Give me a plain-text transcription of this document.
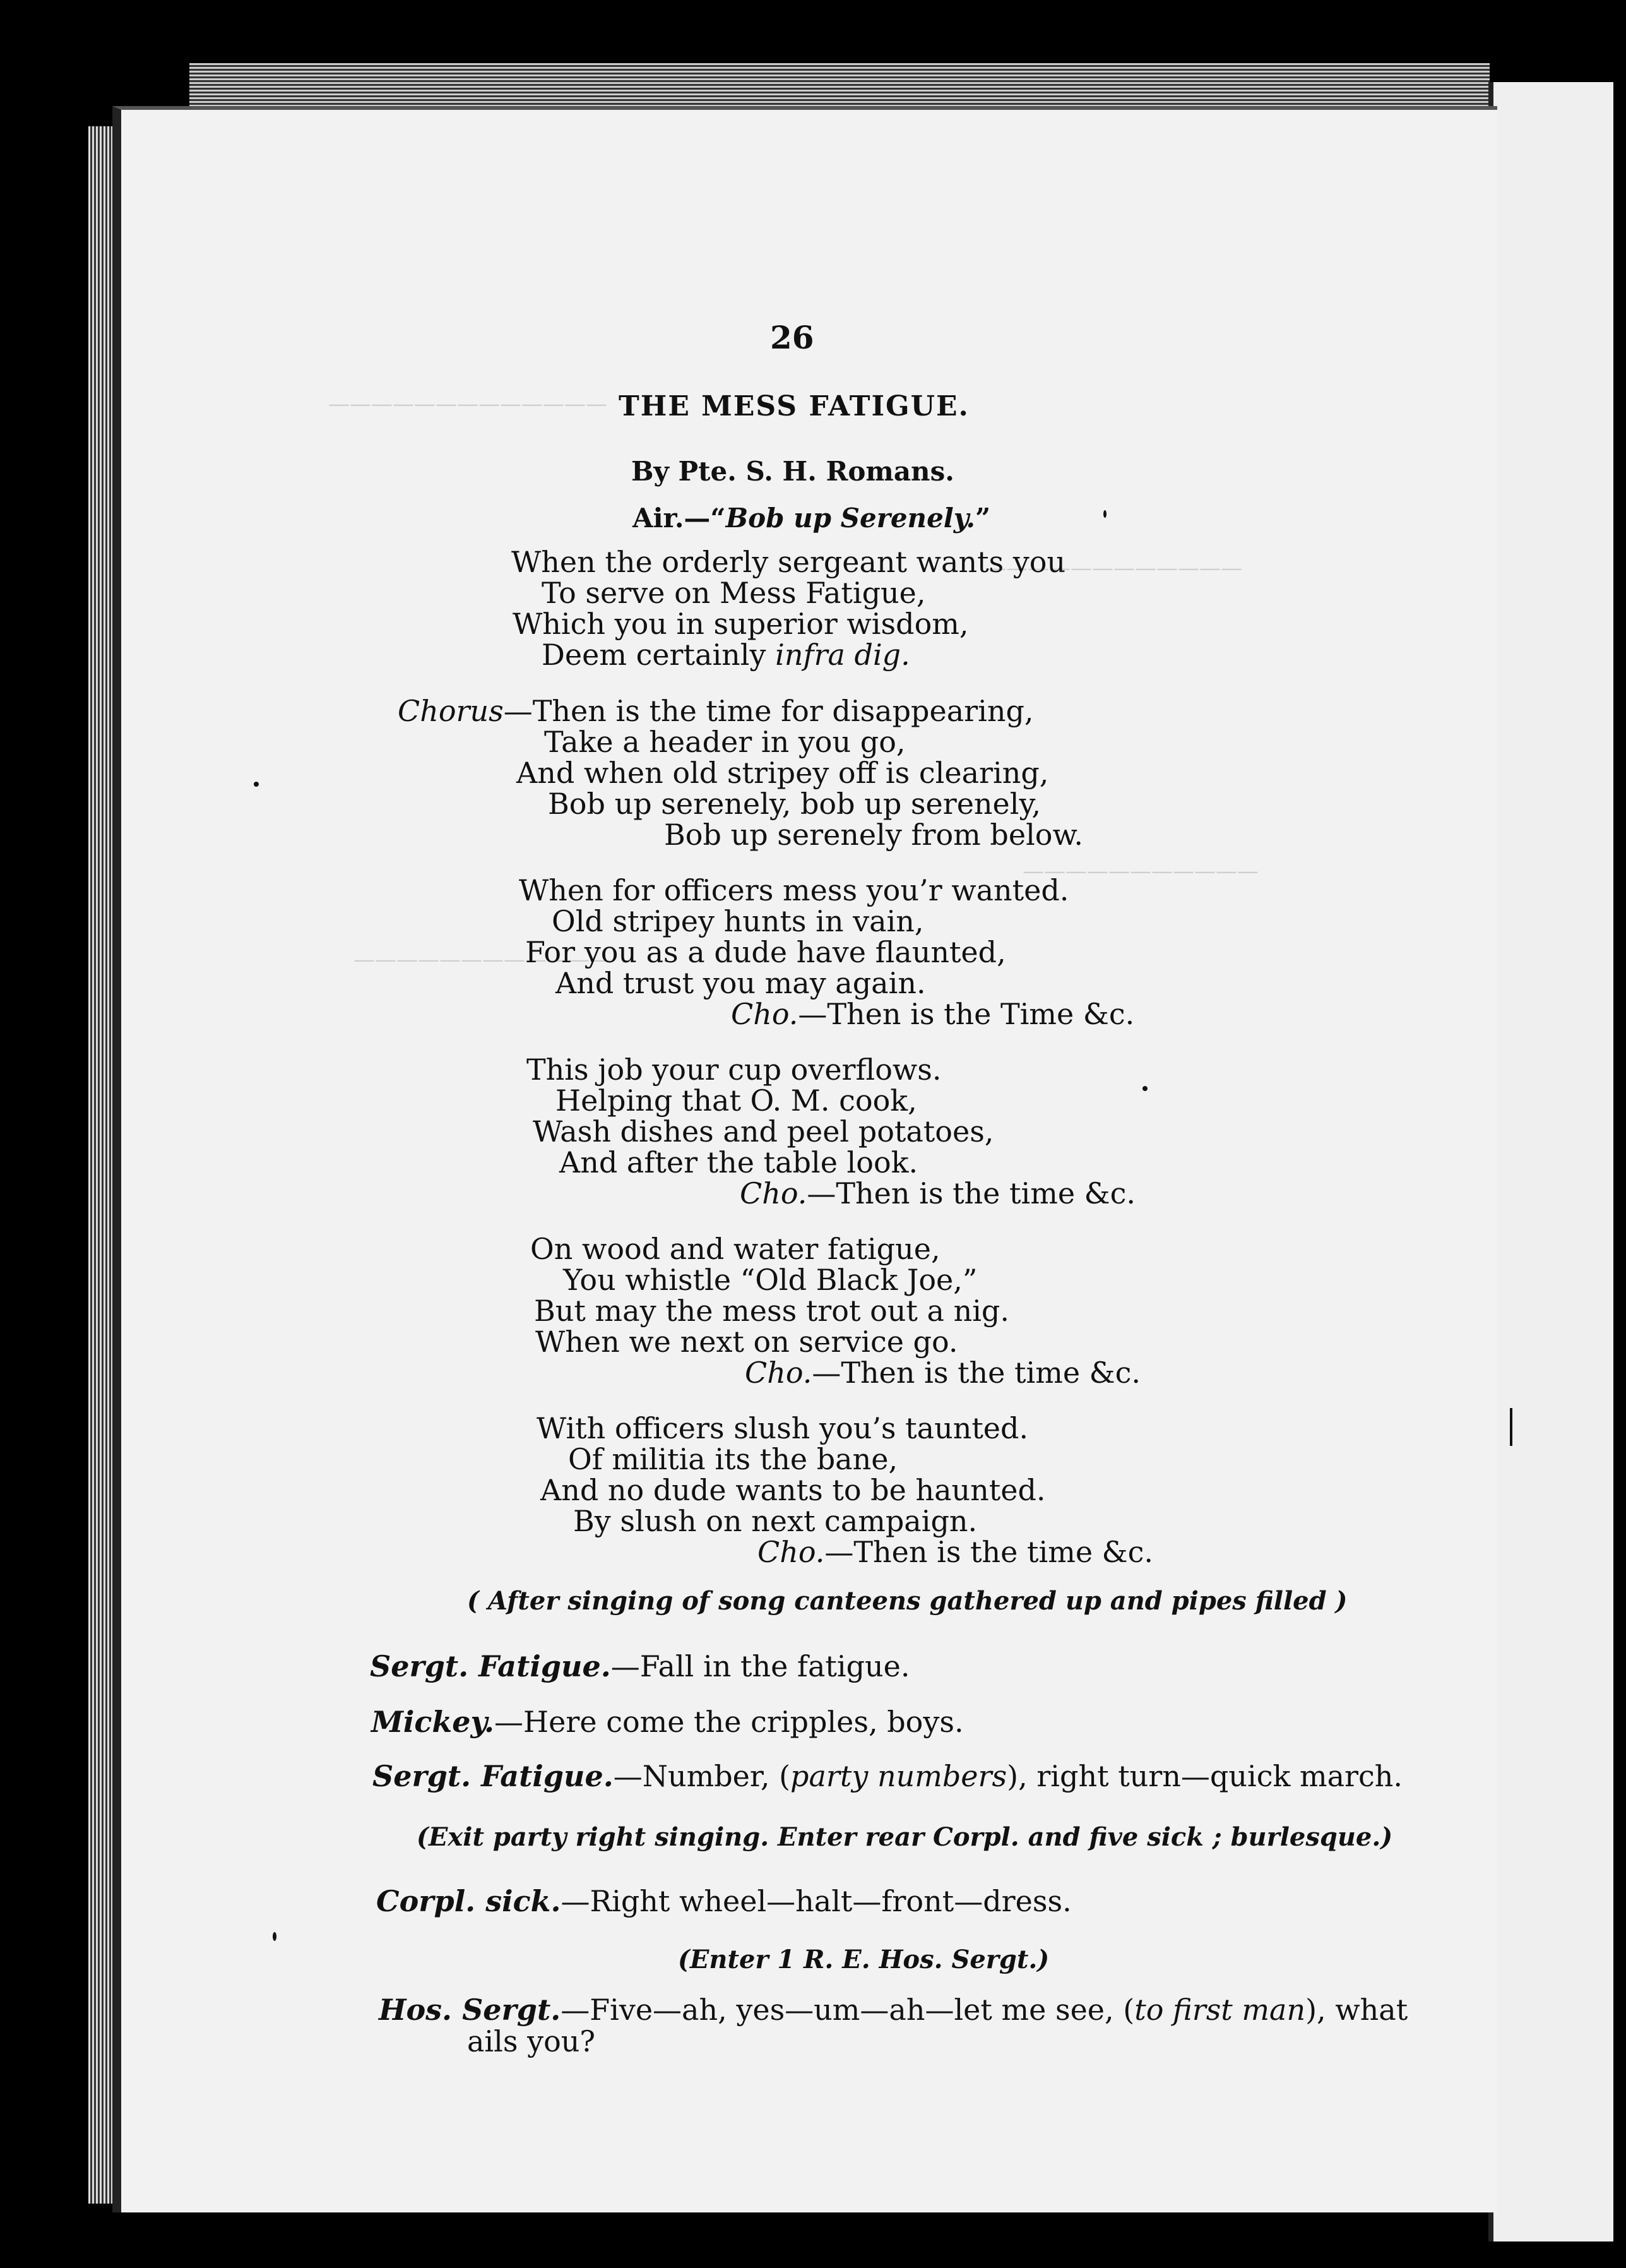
—————————————
————————————
———————————
————————————
26
THE MESS FATIGUE.
By Pte. S. H. Romans.
Air.—“Bob up Serenely.”
When the orderly sergeant wants you
To serve on Mess Fatigue,
Which you in superior wisdom,
Deem certainly infra dig.
Chorus—Then is the time for disappearing,
Take a header in you go,
And when old stripey off is clearing,
Bob up serenely, bob up serenely,
Bob up serenely from below.
When for officers mess you’r wanted.
Old stripey hunts in vain,
For you as a dude have flaunted,
And trust you may again.
Cho.—Then is the Time &c.
This job your cup overflows.
Helping that O. M. cook,
Wash dishes and peel potatoes,
And after the table look.
Cho.—Then is the time &c.
On wood and water fatigue,
You whistle “Old Black Joe,”
But may the mess trot out a nig.
When we next on service go.
Cho.—Then is the time &c.
With officers slush you’s taunted.
Of militia its the bane,
And no dude wants to be haunted.
By slush on next campaign.
Cho.—Then is the time &c.
( After singing of song canteens gathered up and pipes filled )
Sergt. Fatigue.—Fall in the fatigue.
Mickey.—Here come the cripples, boys.
Sergt. Fatigue.—Number, (party numbers), right turn—quick march.
(Exit party right singing. Enter rear Corpl. and five sick ; burlesque.)
Corpl. sick.—Right wheel—halt—front—dress.
(Enter 1 R. E. Hos. Sergt.)
Hos. Sergt.—Five—ah, yes—um—ah—let me see, (to first man), what
ails you?
